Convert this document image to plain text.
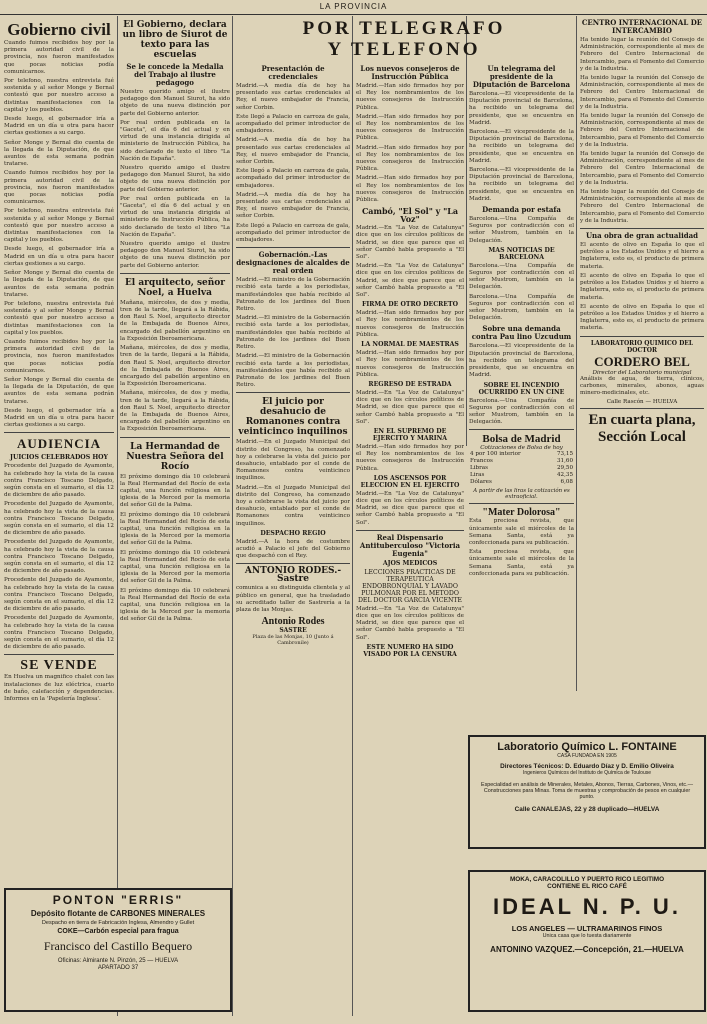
LA PROVINCIA
Gobierno civil

Cuando fuimos recibidos hoy por la primera autoridad civil de la provincia, nos fueron manifestados que pocas noticias podía comunicarnos.

Por telefono, nuestra entrevista fué sostenida y al señor Monge y Bernal contestó que por nuestro acceso a distintas manifestaciones con la capital y los pueblos.

Desde luego, el gobernador iría a Madrid en un día u otra para hacer ciertas gestiones a su cargo.

Señor Monge y Bernal dio cuenta de la llegada de la Diputación, de que asuntos de esta semana podrán tratarse.

Cuando fuimos recibidos hoy por la primera autoridad civil de la provincia, nos fueron manifestados que pocas noticias podía comunicarnos.

Por telefono, nuestra entrevista fué sostenida y al señor Monge y Bernal contestó que por nuestro acceso a distintas manifestaciones con la capital y los pueblos.

Desde luego, el gobernador iría a Madrid en un día u otra para hacer ciertas gestiones a su cargo.

Señor Monge y Bernal dio cuenta de la llegada de la Diputación, de que asuntos de esta semana podrán tratarse.

Por telefono, nuestra entrevista fué sostenida y al señor Monge y Bernal contestó que por nuestro acceso a distintas manifestaciones con la capital y los pueblos.

Cuando fuimos recibidos hoy por la primera autoridad civil de la provincia, nos fueron manifestados que pocas noticias podía comunicarnos.

Señor Monge y Bernal dio cuenta de la llegada de la Diputación, de que asuntos de esta semana podrán tratarse.

Desde luego, el gobernador iría a Madrid en un día u otra para hacer ciertas gestiones a su cargo.

AUDIENCIA
JUICIOS CELEBRADOS HOY

Procedente del Juzgado de Ayamonte, ha celebrado hoy la vista de la causa contra Francisco Toscano Delgado, según consta en el sumario, el día 12 de diciembre de año pasado.

Procedente del Juzgado de Ayamonte, ha celebrado hoy la vista de la causa contra Francisco Toscano Delgado, según consta en el sumario, el día 12 de diciembre de año pasado.

Procedente del Juzgado de Ayamonte, ha celebrado hoy la vista de la causa contra Francisco Toscano Delgado, según consta en el sumario, el día 12 de diciembre de año pasado.

Procedente del Juzgado de Ayamonte, ha celebrado hoy la vista de la causa contra Francisco Toscano Delgado, según consta en el sumario, el día 12 de diciembre de año pasado.

Procedente del Juzgado de Ayamonte, ha celebrado hoy la vista de la causa contra Francisco Toscano Delgado, según consta en el sumario, el día 12 de diciembre de año pasado.

SE VENDE

En Huelva un magnifico chalet con las instalaciones de luz eléctrica, cuarto de baño, calefacción y dependencias. Informes en la 'Papelería Inglesa'.

PONTON "ERRIS"
Depósito flotante de CARBONES MINERALES
Despacho en tierra de Fabricación Inglesa, Almendro y Gullet
COKE—Carbón especial para fragua
Francisco del Castillo Bequero
Oficinas: Almirante N. Pinzón, 25 — HUELVA
APARTADO 37
POR TELEGRAFO
Y TELEFONO
El Gobierno, declara un libro de Siurot de texto para las escuelas
Se le concede la Medalla del Trabajo al ilustre pedagogo

Nuestro querido amigo el ilustre pedagogo don Manuel Siurot, ha sido objeto de una nueva distinción por parte del Gobierno anterior.

Por real orden publicada en la "Gaceta", el día 6 del actual y en virtud de una instancia dirigida al ministerio de Instrucción Pública, ha sido declarado de texto el libro "La Nación de España".

Nuestro querido amigo el ilustre pedagogo don Manuel Siurot, ha sido objeto de una nueva distinción por parte del Gobierno anterior.

Por real orden publicada en la "Gaceta", el día 6 del actual y en virtud de una instancia dirigida al ministerio de Instrucción Pública, ha sido declarado de texto el libro "La Nación de España".

Nuestro querido amigo el ilustre pedagogo don Manuel Siurot, ha sido objeto de una nueva distinción por parte del Gobierno anterior.

El arquitecto, señor Noel, a Huelva

Mañana, miércoles, de dos y media, tren de la tarde, llegará a la Rábida, don Raul S. Noel, arquitecto director de la Embajada de Buenos Aires, encargado del pabellón argentino en la Exposición Iberoamericana.

Mañana, miércoles, de dos y media, tren de la tarde, llegará a la Rábida, don Raul S. Noel, arquitecto director de la Embajada de Buenos Aires, encargado del pabellón argentino en la Exposición Iberoamericana.

Mañana, miércoles, de dos y media, tren de la tarde, llegará a la Rábida, don Raul S. Noel, arquitecto director de la Embajada de Buenos Aires, encargado del pabellón argentino en la Exposición Iberoamericana.

La Hermandad de Nuestra Señora del Rocío

El próximo domingo día 10 celebrará la Real Hermandad del Rocío de esta capital, una función religiosa en la iglesia de la Merced por la memoria del señor Gil de la Palma.

El próximo domingo día 10 celebrará la Real Hermandad del Rocío de esta capital, una función religiosa en la iglesia de la Merced por la memoria del señor Gil de la Palma.

El próximo domingo día 10 celebrará la Real Hermandad del Rocío de esta capital, una función religiosa en la iglesia de la Merced por la memoria del señor Gil de la Palma.

El próximo domingo día 10 celebrará la Real Hermandad del Rocío de esta capital, una función religiosa en la iglesia de la Merced por la memoria del señor Gil de la Palma.

Presentación de credenciales

Madrid.—A media día de hoy ha presentado sus cartas credenciales al Rey, el nuevo embajador de Francia, señor Corbin.

Este llegó a Palacio en carroza de gala, acompañado del primer introductor de embajadores.

Madrid.—A media día de hoy ha presentado sus cartas credenciales al Rey, el nuevo embajador de Francia, señor Corbin.

Este llegó a Palacio en carroza de gala, acompañado del primer introductor de embajadores.

Madrid.—A media día de hoy ha presentado sus cartas credenciales al Rey, el nuevo embajador de Francia, señor Corbin.

Este llegó a Palacio en carroza de gala, acompañado del primer introductor de embajadores.

Gobernación.-Las designaciones de alcaldes de real orden

Madrid.—El ministro de la Gobernación recibió esta tarde a los periodistas, manifestándoles que había recibido al Patronato de los jardines del Buen Retiro.

Madrid.—El ministro de la Gobernación recibió esta tarde a los periodistas, manifestándoles que había recibido al Patronato de los jardines del Buen Retiro.

Madrid.—El ministro de la Gobernación recibió esta tarde a los periodistas, manifestándoles que había recibido al Patronato de los jardines del Buen Retiro.

El juicio por desahucio de Romanones contra veinticinco inquilinos

Madrid.—En el Juzgado Municipal del distrito del Congreso, ha comenzado hoy a celebrarse la vista del juicio por desahucio, entablado por el conde de Romanones contra veinticinco inquilinos.

Madrid.—En el Juzgado Municipal del distrito del Congreso, ha comenzado hoy a celebrarse la vista del juicio por desahucio, entablado por el conde de Romanones contra veinticinco inquilinos.

DESPACHO REGIO

Madrid.—A la hora de costumbre acudió a Palacio el jefe del Gobierno que despachó con el Rey.

ANTONIO RODES.-Sastre

comunica a su distinguida clientela y al público en general, que ha trasladado su acreditado taller de Sastrería a la plaza de las Monjas.

Antonio Rodes
SASTRE
Plaza de las Monjas, 10 (Junto á Cambronile)
Los nuevos consejeros de Instrucción Pública

Madrid.—Han sido firmados hoy por el Rey los nombramientos de los nuevos consejeros de Instrucción Pública.

Madrid.—Han sido firmados hoy por el Rey los nombramientos de los nuevos consejeros de Instrucción Pública.

Madrid.—Han sido firmados hoy por el Rey los nombramientos de los nuevos consejeros de Instrucción Pública.

Madrid.—Han sido firmados hoy por el Rey los nombramientos de los nuevos consejeros de Instrucción Pública.

Cambó, "El Sol" y "La Voz"

Madrid.—En "La Voz de Catalunya" dice que en los círculos políticos de Madrid, se dice que parece que el señor Cambó habla propuesto a "El Sol".

Madrid.—En "La Voz de Catalunya" dice que en los círculos políticos de Madrid, se dice que parece que el señor Cambó habla propuesto a "El Sol".

FIRMA DE OTRO DECRETO

Madrid.—Han sido firmados hoy por el Rey los nombramientos de los nuevos consejeros de Instrucción Pública.

LA NORMAL DE MAESTRAS

Madrid.—Han sido firmados hoy por el Rey los nombramientos de los nuevos consejeros de Instrucción Pública.

REGRESO DE ESTRADA

Madrid.—En "La Voz de Catalunya" dice que en los círculos políticos de Madrid, se dice que parece que el señor Cambó habla propuesto a "El Sol".

EN EL SUPREMO DE EJERCITO Y MARINA

Madrid.—Han sido firmados hoy por el Rey los nombramientos de los nuevos consejeros de Instrucción Pública.

LOS ASCENSOS POR ELECCION EN EL EJERCITO

Madrid.—En "La Voz de Catalunya" dice que en los círculos políticos de Madrid, se dice que parece que el señor Cambó habla propuesto a "El Sol".

Real Dispensario Antituberculoso "Victoria Eugenia"
AJOS MEDICOS
LECCIONES PRACTICAS DE TERAPEUTICA ENDOBRONQUIAL Y LAVADO PULMONAR POR EL METODO DEL DOCTOR GARCIA VICENTE

Madrid.—En "La Voz de Catalunya" dice que en los círculos políticos de Madrid, se dice que parece que el señor Cambó habla propuesto a "El Sol".

ESTE NUMERO HA SIDO VISADO POR LA CENSURA
Un telegrama del presidente de la Diputación de Barcelona

Barcelona.—El vicepresidente de la Diputación provincial de Barcelona, ha recibido un telegrama del presidente, que se encuentra en Madrid.

Barcelona.—El vicepresidente de la Diputación provincial de Barcelona, ha recibido un telegrama del presidente, que se encuentra en Madrid.

Barcelona.—El vicepresidente de la Diputación provincial de Barcelona, ha recibido un telegrama del presidente, que se encuentra en Madrid.

Demanda por estafa

Barcelona.—Una Compañía de Seguros por contradicción con el señor Mustrom, también en la Delegación.

MAS NOTICIAS DE BARCELONA

Barcelona.—Una Compañía de Seguros por contradicción con el señor Mustrom, también en la Delegación.

Barcelona.—Una Compañía de Seguros por contradicción con el señor Mustrom, también en la Delegación.

Sobre una demanda contra Pau lino Uzcudum

Barcelona.—El vicepresidente de la Diputación provincial de Barcelona, ha recibido un telegrama del presidente, que se encuentra en Madrid.

SOBRE EL INCENDIO OCURRIDO EN UN CINE

Barcelona.—Una Compañía de Seguros por contradicción con el señor Mustrom, también en la Delegación.

Bolsa de Madrid
Cotizaciones de Bolsa de hoy
4 por 100 interior	73,15
Francos	31,60
Libras	29,50
Liras	42,35
Dólares	6,08
A partir de las liras la cotización es extraoficial.
"Mater Dolorosa"

Esta preciosa revista, que únicamente sale el miércoles de la Semana Santa, está ya confeccionada para su publicación.

Esta preciosa revista, que únicamente sale el miércoles de la Semana Santa, está ya confeccionada para su publicación.

CENTRO INTERNACIONAL DE INTERCAMBIO

Ha tenido lugar la reunión del Consejo de Administración, correspondiente al mes de Febrero del Centro Internacional de Intercambio, para el Fomento del Comercio y de la Industria.

Ha tenido lugar la reunión del Consejo de Administración, correspondiente al mes de Febrero del Centro Internacional de Intercambio, para el Fomento del Comercio y de la Industria.

Ha tenido lugar la reunión del Consejo de Administración, correspondiente al mes de Febrero del Centro Internacional de Intercambio, para el Fomento del Comercio y de la Industria.

Ha tenido lugar la reunión del Consejo de Administración, correspondiente al mes de Febrero del Centro Internacional de Intercambio, para el Fomento del Comercio y de la Industria.

Ha tenido lugar la reunión del Consejo de Administración, correspondiente al mes de Febrero del Centro Internacional de Intercambio, para el Fomento del Comercio y de la Industria.

Una obra de gran actualidad

El acento de olivo en España lo que el petróleo a los Estados Unidos y el hierro a Inglaterra, esto es, el producto de primera materia.

El acento de olivo en España lo que el petróleo a los Estados Unidos y el hierro a Inglaterra, esto es, el producto de primera materia.

El acento de olivo en España lo que el petróleo a los Estados Unidos y el hierro a Inglaterra, esto es, el producto de primera materia.

LABORATORIO QUIMICO DEL DOCTOR
CORDERO BEL
Director del Laboratorio municipal

Análisis de agua, de tierra, clínicos, carbones, minerales, abonos, aguas minero-medicinales, etc.

Calle Rascón — HUELVA
En cuarta plana, Sección Local
Laboratorio Químico L. FONTAINE
CASA FUNDADA EN 1905
Directores Técnicos: D. Eduardo Díaz y D. Emilio Oliveira
Ingenieros Químicos del Instituto de Química de Toulouse
Especialidad en análisis de Minerales, Metales, Abonos, Tierras, Carbones, Vinos, etc.—Construcciones para Minas. Toma de muestras y comprobación de pesos en cualquier punto.
Calle CANALEJAS, 22 y 28 duplicado—HUELVA
MOKA, CARACOLILLO Y PUERTO RICO LEGITIMO
CONTIENE EL RICO CAFÉ
IDEAL N. P. U.
LOS ANGELES — ULTRAMARINOS FINOS
Unica casa que lo tuesta diariamente
ANTONINO VAZQUEZ.—Concepción, 21.—HUELVA
